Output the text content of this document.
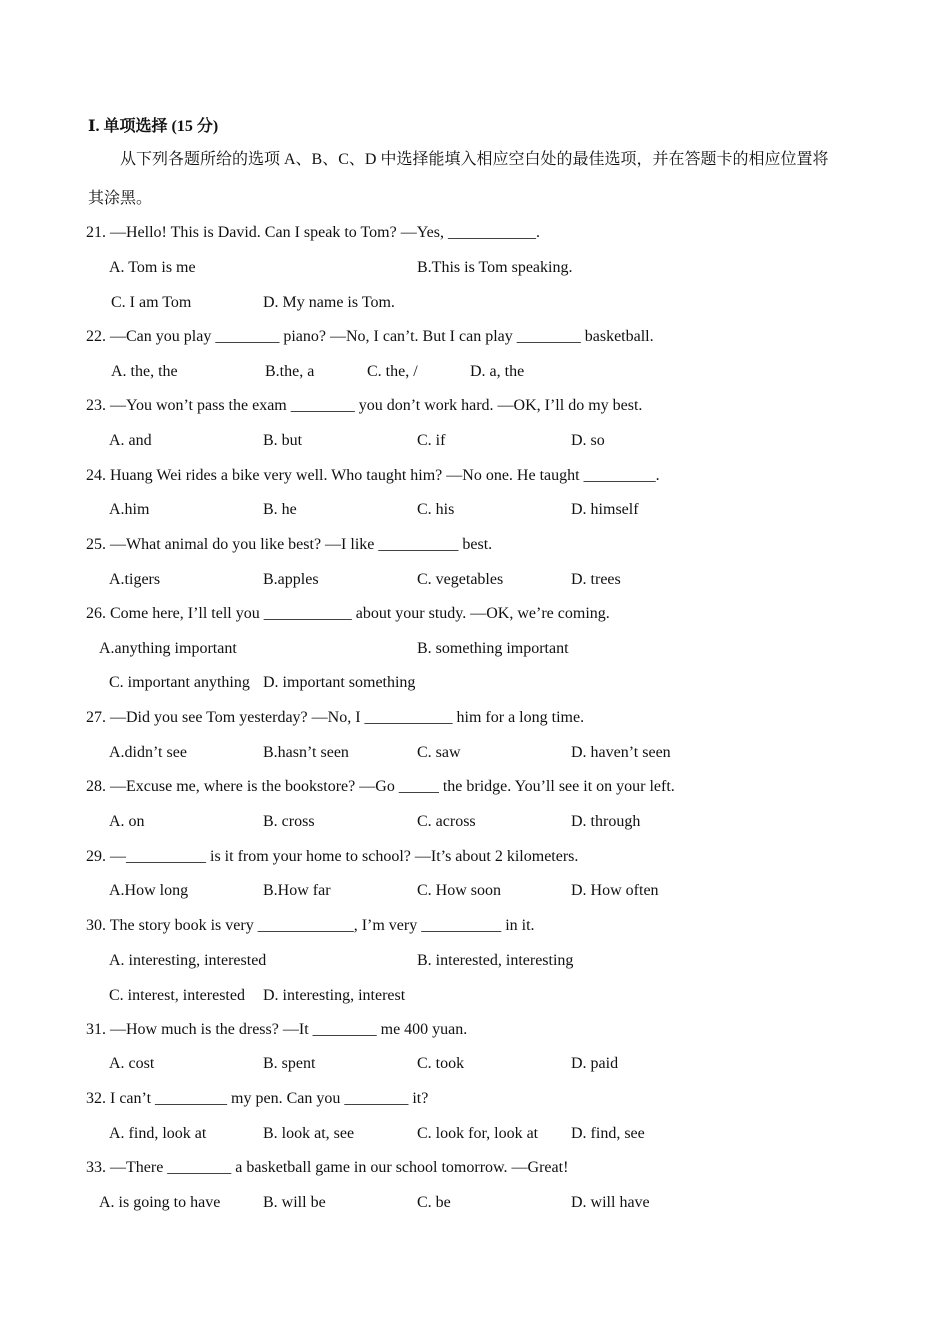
Ⅰ. 单项选择 (15 分)
从下列各题所给的选项 A、B、C、D 中选择能填入相应空白处的最佳选项，并在答题卡的相应位置将
其涂黑。
21. —Hello! This is David. Can I speak to Tom? —Yes, ___________.
A. Tom is me	B.This is Tom speaking.
C. I am Tom	D. My name is Tom.
22. —Can you play ________ piano? —No, I can’t. But I can play ________ basketball.
A. the, the	B.the, a	C. the, /	D. a, the
23. —You won’t pass the exam ________ you don’t work hard. —OK, I’ll do my best.
A. and	B. but	C. if	D. so
24. Huang Wei rides a bike very well. Who taught him? —No one. He taught _________.
A.him	B. he	C. his	D. himself
25. —What animal do you like best? —I like __________ best.
A.tigers	B.apples	C. vegetables	D. trees
26. Come here, I’ll tell you ___________ about your study. —OK, we’re coming.
A.anything important	B. something important
C. important anything D. important something
27. —Did you see Tom yesterday? —No, I ___________ him for a long time.
A.didn’t see	B.hasn’t seen	C. saw	D. haven’t seen
28. —Excuse me, where is the bookstore? —Go _____ the bridge. You’ll see it on your left.
A. on	B. cross	C. across	D. through
29. —__________ is it from your home to school? —It’s about 2 kilometers.
A.How long	B.How far	C. How soon	D. How often
30. The story book is very ____________, I’m very __________ in it.
A. interesting, interested	B. interested, interesting
C. interest, interested D. interesting, interest
31. —How much is the dress? —It ________ me 400 yuan.
A. cost	B. spent	C. took	D. paid
32. I can’t _________ my pen. Can you ________ it?
A. find, look at	B. look at, see	C. look for, look at D. find, see
33. —There ________ a basketball game in our school tomorrow. —Great!
A. is going to have	B. will be	C. be	D. will have
